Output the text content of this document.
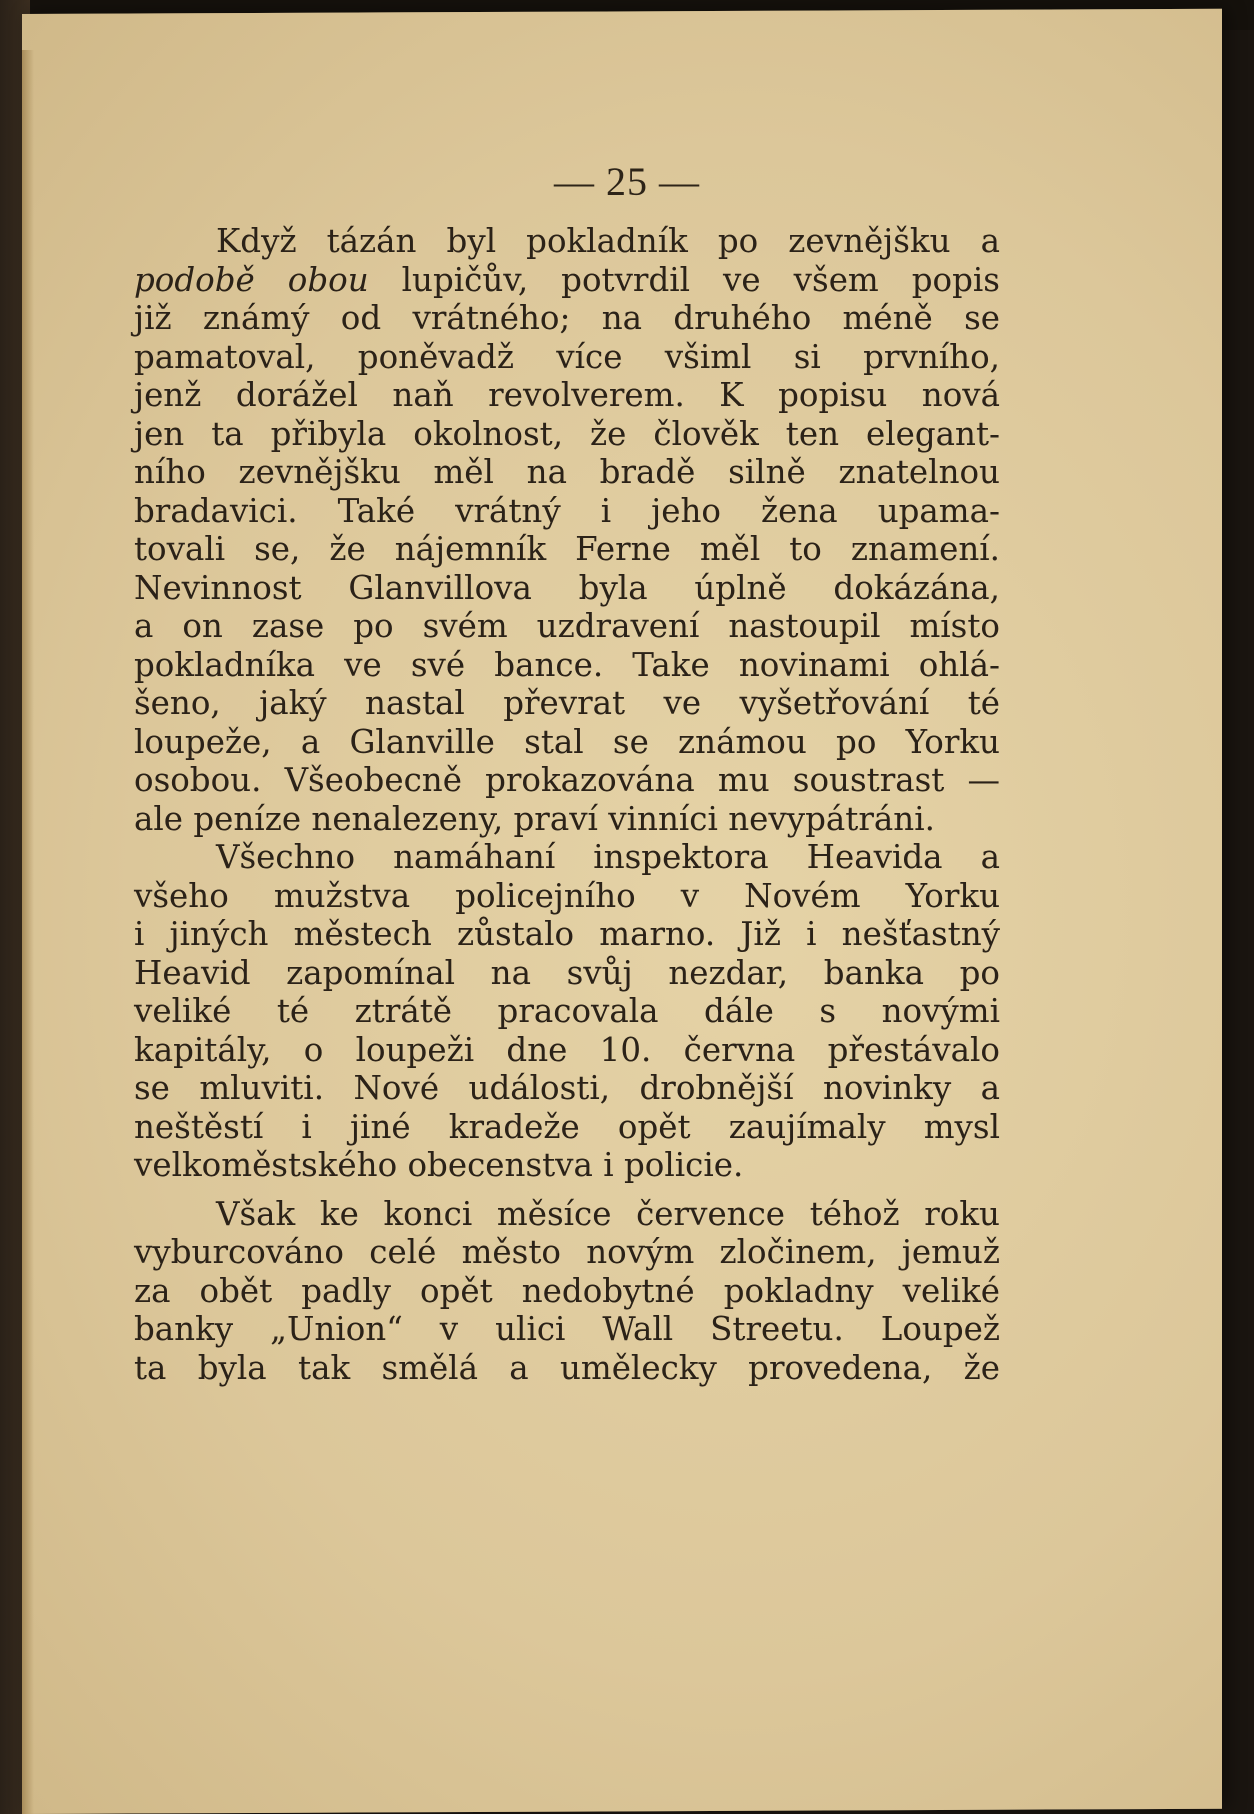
— 25 —
Když tázán byl pokladník po zevnějšku a
podobě obou lupičův, potvrdil ve všem popis
již známý od vrátného; na druhého méně se
pamatoval, poněvadž více všiml si prvního,
jenž dorážel naň revolverem. K popisu nová
jen ta přibyla okolnost, že člověk ten elegant-
ního zevnějšku měl na bradě silně znatelnou
bradavici. Také vrátný i jeho žena upama-
tovali se, že nájemník Ferne měl to znamení.
Nevinnost Glanvillova byla úplně dokázána,
a on zase po svém uzdravení nastoupil místo
pokladníka ve své bance. Take novinami ohlá-
šeno, jaký nastal převrat ve vyšetřování té
loupeže, a Glanville stal se známou po Yorku
osobou. Všeobecně prokazována mu soustrast —
ale peníze nenalezeny, praví vinníci nevypátráni.
Všechno namáhaní inspektora Heavida a
všeho mužstva policejního v Novém Yorku
i jiných městech zůstalo marno. Již i nešťastný
Heavid zapomínal na svůj nezdar, banka po
veliké té ztrátě pracovala dále s novými
kapitály, o loupeži dne 10. června přestávalo
se mluviti. Nové události, drobnější novinky a
neštěstí i jiné kradeže opět zaujímaly mysl
velkoměstského obecenstva i policie.
Však ke konci měsíce července téhož roku
vyburcováno celé město novým zločinem, jemuž
za obět padly opět nedobytné pokladny veliké
banky „Union“ v ulici Wall Streetu. Loupež
ta byla tak smělá a umělecky provedena, že
